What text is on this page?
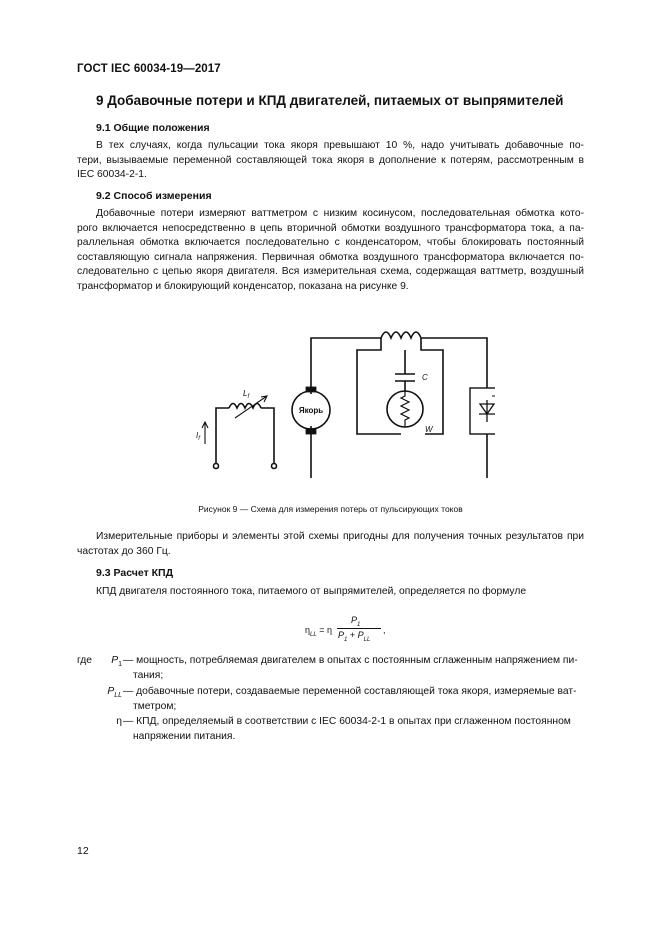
ГОСТ IEC 60034-19—2017
9 Добавочные потери и КПД двигателей, питаемых от выпрямителей
9.1 Общие положения
В тех случаях, когда пульсации тока якоря превышают 10 %, надо учитывать добавочные по-
тери, вызываемые переменной составляющей тока якоря в дополнение к потерям, рассмотренным в
IEC 60034-2-1.
9.2 Способ измерения
Добавочные потери измеряют ваттметром с низким косинусом, последовательная обмотка кото-
рого включается непосредственно в цепь вторичной обмотки воздушного трансформатора тока, а па-
раллельная обмотка включается последовательно с конденсатором, чтобы блокировать постоянный
составляющую сигнала напряжения. Первичная обмотка воздушного трансформатора включается по-
следовательно с цепью якоря двигателя. Вся измерительная схема, содержащая ваттметр, воздушный
трансформатор и блокирующий конденсатор, показана на рисунке 9.
Якорь
C
W
$I_f$
$L_f$
Рисунок 9 — Схема для измерения потерь от пульсирующих токов
Измерительные приборы и элементы этой схемы пригодны для получения точных результатов при
частотах до 360 Гц.
9.3 Расчет КПД
КПД двигателя постоянного тока, питаемого от выпрямителей, определяется по формуле
$\eta_{LL} = \eta$
$P_1$
$P_1 + P_{LL}$
,
где	$P_1$ — мощность, потребляемая двигателем в опытах с постоянным сглаженным напряжением пи-
тания;
$P_{LL}$ — добавочные потери, создаваемые переменной составляющей тока якоря, измеряемые ват-
тметром;
η — КПД, определяемый в соответствии с IEC 60034-2-1 в опытах при сглаженном постоянном
напряжении питания.
12
